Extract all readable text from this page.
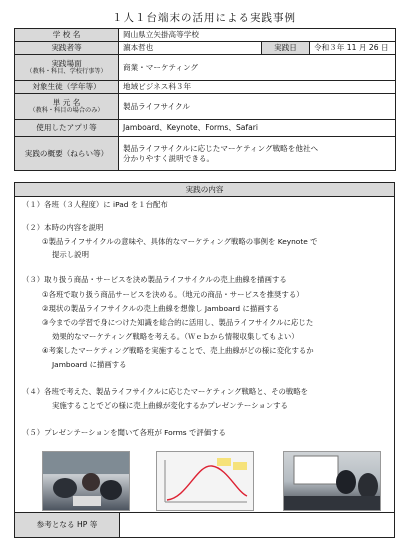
１人１台端末の活用による実践事例
学 校 名	岡山県立矢掛高等学校		
実践者等	濵本哲也	実践日	令和３年 11 月 26 日
実践場面
（教科・科目、学校行事等）	商業・マーケティング		
対象生徒（学年等）	地域ビジネス科３年		
単 元 名
（教科・科目の場合のみ）	製品ライフサイクル		
使用したアプリ等	Jamboard、Keynote、Forms、Safari		
実践の概要（ねらい等）	製品ライフサイクルに応じたマーケティング戦略を他社へ
分かりやすく説明できる。		
実践の内容
（１）各班（３人程度）に iPad を１台配布
（２）本時の内容を説明
①製品ライフサイクルの意味や、具体的なマーケティング戦略の事例を Keynote で
提示し説明
（３）取り扱う商品・サービスを決め製品ライフサイクルの売上曲線を描画する
①各班で取り扱う商品サービスを決める。（地元の商品・サービスを推奨する）
②現状の製品ライフサイクルの売上曲線を想像し Jamboard に描画する
③今までの学習で身につけた知識を総合的に活用し、製品ライフサイクルに応じた
効果的なマーケティング戦略を考える。（Ｗｅｂから情報収集してもよい）
④考案したマーケティング戦略を実施することで、売上曲線がどの様に変化するか
Jamboard に描画する
（４）各班で考えた、製品ライフサイクルに応じたマーケティング戦略と、その戦略を
実施することでどの様に売上曲線が変化するかプレゼンテーションする
（５）プレゼンテーションを聞いて各班が Forms で評価する
参考となる HP 等
